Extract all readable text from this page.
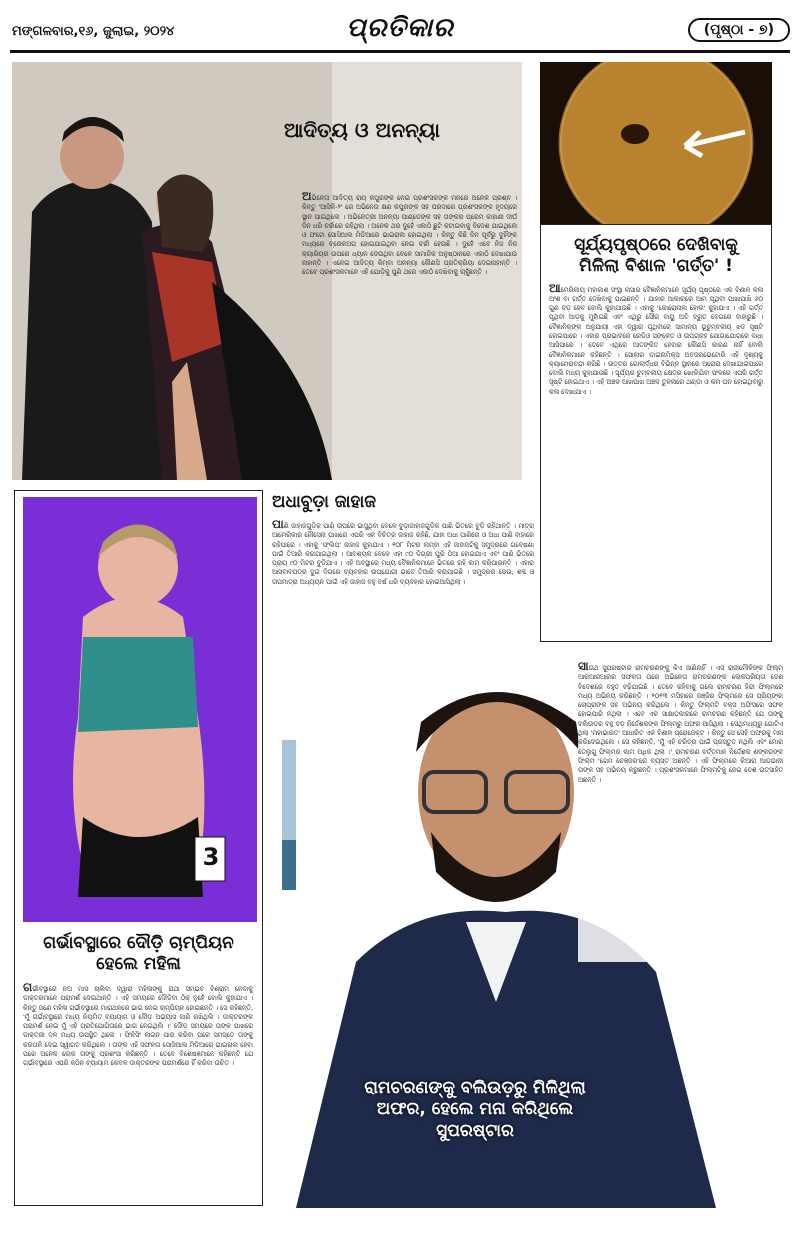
ମଙ୍ଗଳବାର,୧୬, ଜୁଲାଇ, ୨୦୨୪	ପ୍ରତିକାର	(ପୃଷ୍ଠା - ୭)
ଆଦିତ୍ୟ ଓ ଅନନ୍ୟା
ଅଭିନେତା ଆଦିତ୍ୟ ରାୟ କପୁରଙ୍କ ନେଇ ପ୍ରଶଂସକଙ୍କ ମନରେ ଅନେକ ପ୍ରଶ୍ନ । କିନ୍ତୁ 'ଆସିକି-୨' ରେ ଅଭିନେତା କ୍ଷଣ କପୁରଙ୍କ ସହ ପରଦାରେ ପ୍ରଶଂସକଙ୍କ ହୃଦୟରେ ସ୍ଥାନ ପାଇଥିଲେ । ଅଭିନେତ୍ରୀ ଅନନ୍ୟା ପାଣ୍ଡେଙ୍କ ସହ ତାଙ୍କର ପ୍ରେମ କାହାଣୀ ଦୀର୍ଘ ଦିନ ଧରି ଚର୍ଚ୍ଚାରେ ରହିଥିଲା । ଅନେକ ଥର ଦୁହେଁ ଏକାଠି ଛୁଟି କଟାଇବାକୁ ବିଦେଶ ଯାଇଥିଲେ ଓ ଫଟୋ ସୋସିଆଲ ମିଡିଆରେ ଭାଇରାଲ ହୋଇଥିଲା । କିନ୍ତୁ କିଛି ଦିନ ପୂର୍ବରୁ ଦୁହିଁଙ୍କ ମଧ୍ୟରେ ବ୍ରେକଅପ ହୋଇଯାଇଥିବା ନେଇ ଚର୍ଚ୍ଚା ହେଉଛି । ଦୁହେଁ ଏବେ ନିଜ ନିଜ କ୍ୟାରିୟର ଉପରେ ଧ୍ୟାନ ଦେଉଥିବା ବେଳେ ସାମାଜିକ ଅନୁଷ୍ଠାନରେ ଏକାଠି ଦେଖାଯାଉ ନାହାନ୍ତି । ଏନେଇ ଆଦିତ୍ୟ କିମ୍ବା ଅନନ୍ୟା କୌଣସି ପ୍ରତିକ୍ରିୟା ଦେଇନାହାନ୍ତି । ତେବେ ପ୍ରଶଂସକମାନେ ଏହି ଯୋଡ଼ିକୁ ପୁଣି ଥରେ ଏକାଠି ଦେଖିବାକୁ ଚାହୁଁଛନ୍ତି ।
ସୂର୍ଯ୍ୟପୃଷ୍ଠରେ ଦେଖିବାକୁ
ମିଳିଲା ବିଶାଳ 'ଗର୍ତ୍ତ' !
ଆମେରିକୀୟ ମହାକାଶ ସଂସ୍ଥା ନାସାର ବୈଜ୍ଞାନିକମାନେ ସୂର୍ଯ୍ୟ ପୃଷ୍ଠରେ ଏକ ବିଶାଳ କଳା ଅଂଶ ବା ଗର୍ତ୍ତ ଦେଖିବାକୁ ପାଇଛନ୍ତି । ଯାହାର ଆକାରରେ ଆମ ପୃଥିବୀ ପାଖାପାଖି ୬୦ ଗୁଣ ବଡ଼ ହେବ ବୋଲି କୁହାଯାଉଛି । ଏହାକୁ 'କୋରୋନାଲ ହୋଲ' କୁହାଯାଏ । ଏହି ଗର୍ତ୍ତ ପୃଥିବୀ ଆଡ଼କୁ ମୁହାଁଇଛି ଏବଂ ଏଥିରୁ ସୌର ବାୟୁ ଅତି ଦ୍ରୁତ ବେଗରେ ବାହାରୁଛି । ବୈଜ୍ଞାନିକଙ୍କ ଅନୁଯାୟୀ ଏହା ଦ୍ୱାରା ପୃଥିବୀରେ ସାମାନ୍ୟ ଭୂଚୁମ୍ବକୀୟ ଝଡ଼ ସୃଷ୍ଟି ହୋଇପାରେ । ଏହାର ପ୍ରଭାବରେ ରେଡିଓ ସଙ୍କେତ ଓ ଉପଗ୍ରହ ଯୋଗାଯୋଗରେ ବାଧା ଆସିପାରେ । ତେବେ ଏଥିରେ ଆତଙ୍କିତ ହେବାର କୌଣସି କାରଣ ନାହିଁ ବୋଲି ବୈଜ୍ଞାନିକମାନେ କହିଛନ୍ତି । ସୋଲାର ଡାଇନାମିକ୍ସ ଅବଜରଭେଟୋରି ଏହି ଦୃଶ୍ୟକୁ କ୍ୟାମେରାବନ୍ଦୀ କରିଛି । ଉତ୍ତର ଗୋଲାର୍ଦ୍ଧର ବିଭିନ୍ନ ସ୍ଥାନରେ ଅରୋରା ଦେଖାଯାଇପାରେ ବୋଲି ମଧ୍ୟ କୁହାଯାଉଛି । ସୂର୍ଯ୍ୟର ଚୁମ୍ବକୀୟ କ୍ଷେତ୍ର ଖୋଲିଯିବା ଫଳରେ ଏପରି ଗର୍ତ୍ତ ସୃଷ୍ଟି ହୋଇଥାଏ । ଏହି ଅଞ୍ଚଳ ଆଖପାଖ ଅଞ୍ଚଳ ତୁଳନାରେ ଥଣ୍ଡା ଓ କମ ଘନ ହୋଇଥିବାରୁ କଳା ଦେଖାଯାଏ ।
3
ଗର୍ଭାବସ୍ଥାରେ ଦୌଡ଼ି ଚାମ୍ପିୟନ
ହେଲେ ମହିଳା
ଗର୍ଭାବସ୍ଥାରେ ନଅ ମାସ ଚାଲିବା ଦ୍ୱାରା ମହିଳାଙ୍କୁ ଯଥା ସମ୍ଭବ ବିଶ୍ରାମ ନେବାକୁ ଡାକ୍ତରମାନେ ପରାମର୍ଶ ଦେଇଥାନ୍ତି । ଏହି ସମୟରେ ଦୌଡ଼ିବା ଠିକ୍ ନୁହେଁ ବୋଲି କୁହାଯାଏ । କିନ୍ତୁ ଜଣେ ମହିଳା ଗର୍ଭାବସ୍ଥାରେ ମାରାଥନରେ ଭାଗ ନେଇ ଚାମ୍ପିୟନ ହୋଇଛନ୍ତି । ସେ କହିଛନ୍ତି, 'ମୁଁ ଗର୍ଭାବସ୍ଥାରେ ମଧ୍ୟ ନିୟମିତ ବ୍ୟାୟାମ ଓ ଦୌଡ଼ ଅଭ୍ୟାସ ଜାରି ରଖିଥିଲି । ଡାକ୍ତରଙ୍କ ପରାମର୍ଶ ନେଇ ମୁଁ ଏହି ପ୍ରତିଯୋଗିତାରେ ଭାଗ ନେଇଥିଲି ।' ଦୌଡ଼ ସମୟରେ ତାଙ୍କ ପାଖରେ ଡାକ୍ତରୀ ଦଳ ମଧ୍ୟ ଉପସ୍ଥିତ ଥିଲେ । ଫିନିସିଂ ଲାଇନ ପାର କରିବା ପରେ ସମସ୍ତେ ତାଙ୍କୁ କରତାଳି ଦେଇ ସ୍ୱାଗତ କରିଥିଲେ । ତାଙ୍କ ଏହି ସଫଳତା ସୋସିଆଲ ମିଡିଆରେ ଭାଇରାଲ ହେବା ପରେ ଅନେକ ଲୋକ ତାଙ୍କୁ ପ୍ରଶଂସା କରିଛନ୍ତି । ତେବେ ବିଶେଷଜ୍ଞମାନେ କହିଛନ୍ତି ଯେ ଗର୍ଭାବସ୍ଥାରେ ଏପରି କଠିନ ବ୍ୟାୟାମ କେବଳ ଡାକ୍ତରଙ୍କ ପରାମର୍ଶରେ ହିଁ କରିବା ଉଚିତ ।
ଅଧାବୁଡ଼ା ଜାହାଜ
ପାଣି ଜାହାଜଗୁଡ଼ିକ ପାଣି ଉପରେ ଭାସୁଥିବା ବେଳେ ବୁଡ଼ାଜାହାଜଗୁଡ଼ିକ ପାଣି ଭିତରେ ବୁଡ଼ି ରହିଥାନ୍ତି । ମାତ୍ର ଆମେରିକାର ନୌସେନା ପାଖରେ ଏପରି ଏକ ବିଚିତ୍ର ଜାହାଜ ରହିଛି, ଯାହା ଅଧା ପାଣିରେ ଓ ଅଧା ପାଣି ବାହାରେ ରହିପାରେ । ଏହାକୁ 'ଫ୍ଲିପ' ଜାହାଜ କୁହାଯାଏ । ୧୦୮ ମିଟର ଲମ୍ବା ଏହି ଜାହାଜଟିକୁ ସମୁଦ୍ରରେ ଗବେଷଣା ପାଇଁ ତିଆରି କରାଯାଇଥିଲା । ଆବଶ୍ୟକ ବେଳେ ଏହା ୯୦ ଡିଗ୍ରୀ ଘୁରି ଠିଆ ହୋଇଯାଏ ଏବଂ ପାଣି ଭିତରେ ପ୍ରାୟ ୯୦ ମିଟର ବୁଡ଼ିଯାଏ । ଏହି ଅବସ୍ଥାରେ ମଧ୍ୟ ବୈଜ୍ଞାନିକମାନେ ଭିତରେ ରହି କାମ କରିପାରନ୍ତି । ଏହାର ଆସବାବପତ୍ର ଦୁଇ ଦିଗରେ ବ୍ୟବହାର ଉପଯୋଗୀ ଭାବେ ତିଆରି କରାଯାଇଛି । ସମୁଦ୍ରର ଢେଉ, ଶବ୍ଦ ଓ ତାପମାତ୍ରା ଅଧ୍ୟୟନ ପାଇଁ ଏହି ଜାହାଜ ବହୁ ବର୍ଷ ଧରି ବ୍ୟବହାର ହୋଇଆସିଥିଲା ।
ସାଉଥ ସୁପରଷ୍ଟାର ରାମଚରଣଙ୍କୁ କିଏ ଜାଣିନାହିଁ । ଏସ ରାଜାମୌଳିଙ୍କ ଫିଲ୍ମ ଆରଆରଆରର ସଫଳତା ପରେ ଅଭିନେତା ରାମଚରଣଙ୍କ ଲୋକପ୍ରିୟତା ଦେଶ ବିଦେଶରେ ବହୁତ ବଢ଼ିଯାଇଛି । ତେବେ କହିବାକୁ ଗଲେ ରାମଚରଣ ହିନ୍ଦୀ ଫିଲ୍ମରେ ମଧ୍ୟ ଅଭିନୟ କରିଛନ୍ତି । ୨୦୧୩ ମସିହାରେ ଜଞ୍ଜିର ଫିଲ୍ମରେ ସେ ପ୍ରିୟଙ୍କା ଚୋପ୍ରାଙ୍କ ସହ ଅଭିନୟ କରିଥିଲେ । କିନ୍ତୁ ଫିଲ୍ମଟି ବକ୍ସ ଅଫିସରେ ସଫଳ ହୋଇପାରି ନଥିଲା । ଏବେ ଏକ ସାକ୍ଷାତକାରରେ ରାମଚରଣ କହିଛନ୍ତି ଯେ ତାଙ୍କୁ ବଲିଉଡର ବହୁ ବଡ଼ ନିର୍ଦ୍ଦେଶକଙ୍କ ଫିଲ୍ମରୁ ଅଫର ଆସିଥିଲା । ସେଥିମଧ୍ୟରୁ ଗୋଟିଏ ଥିଲା 'ମହାଭାରତ' ଆଧାରିତ ଏକ ବିଶାଳ ପ୍ରୋଜେକ୍ଟ । କିନ୍ତୁ ସେ ସେହି ଅଫରକୁ ମନା କରିଦେଇଥିଲେ । ସେ କହିଛନ୍ତି, 'ମୁଁ ଏହି ଚରିତ୍ର ପାଇଁ ପ୍ରସ୍ତୁତ ନଥିଲି ଏବଂ ମୋର ତେଲୁଗୁ ଫିଲ୍ମର କାମ ଅଧିକ ଥିଲା ।' ରାମଚରଣ ବର୍ତ୍ତମାନ ନିର୍ଦ୍ଦେଶକ ଶଙ୍କରଙ୍କ ଫିଲ୍ମ 'ଗେମ ଚେଞ୍ଜର'ରେ ବ୍ୟସ୍ତ ଅଛନ୍ତି । ଏହି ଫିଲ୍ମରେ କିଆରା ଆଡଭାନୀ ତାଙ୍କ ସହ ଅଭିନୟ କରୁଛନ୍ତି । ପ୍ରଶଂସକମାନେ ଫିଲ୍ମଟିକୁ ନେଇ ବେଶ ଉତ୍ସାହିତ ଅଛନ୍ତି ।
ରାମଚରଣଙ୍କୁ ବଲିଉଡ଼ରୁ ମିଳିଥିଲା
ଅଫର, ହେଲେ ମନା କରିଥିଲେ
ସୁପରଷ୍ଟାର
